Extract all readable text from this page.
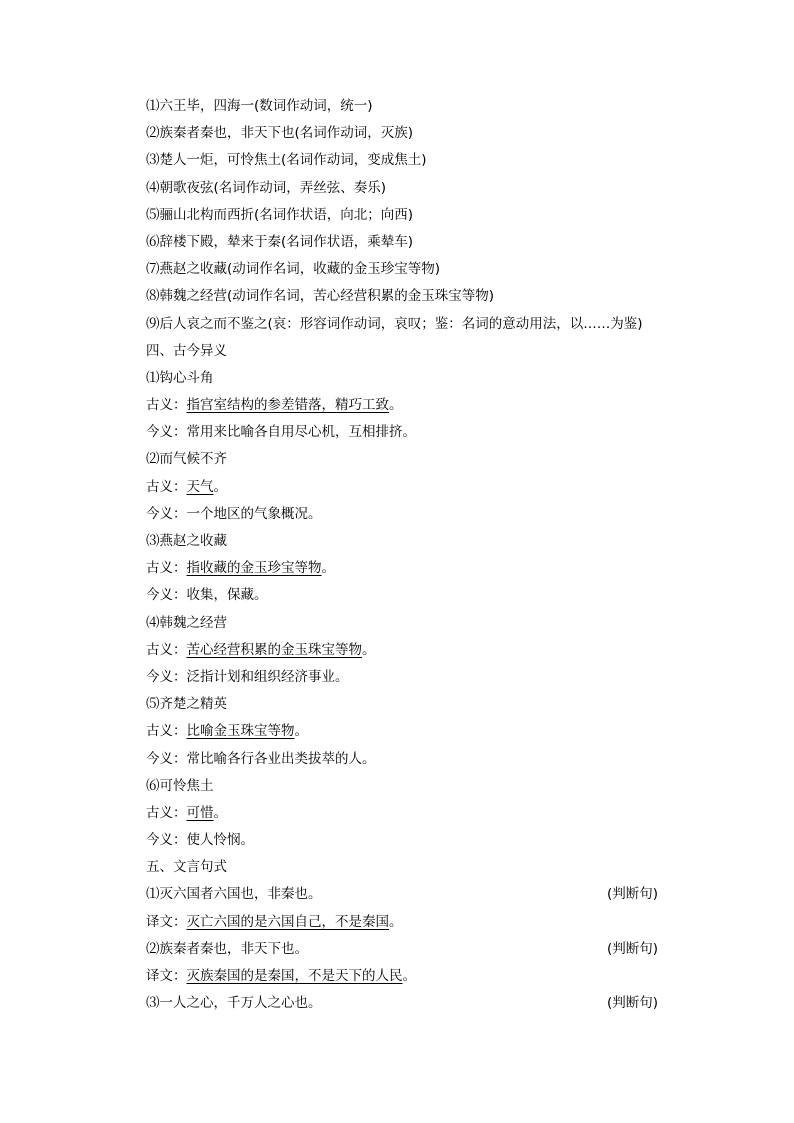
⑴六王毕，四海一(数词作动词，统一)
⑵族秦者秦也，非天下也(名词作动词，灭族)
⑶楚人一炬，可怜焦土(名词作动词，变成焦土)
⑷朝歌夜弦(名词作动词，弄丝弦、奏乐)
⑸骊山北构而西折(名词作状语，向北；向西)
⑹辞楼下殿，辇来于秦(名词作状语，乘辇车)
⑺燕赵之收藏(动词作名词，收藏的金玉珍宝等物)
⑻韩魏之经营(动词作名词，苦心经营积累的金玉珠宝等物)
⑼后人哀之而不鉴之(哀：形容词作动词，哀叹；鉴：名词的意动用法，以……为鉴)
四、古今异义
⑴钩心斗角
古义：指宫室结构的参差错落，精巧工致。
今义：常用来比喻各自用尽心机，互相排挤。
⑵而气候不齐
古义：天气。
今义：一个地区的气象概况。
⑶燕赵之收藏
古义：指收藏的金玉珍宝等物。
今义：收集，保藏。
⑷韩魏之经营
古义：苦心经营积累的金玉珠宝等物。
今义：泛指计划和组织经济事业。
⑸齐楚之精英
古义：比喻金玉珠宝等物。
今义：常比喻各行各业出类拔萃的人。
⑹可怜焦土
古义：可惜。
今义：使人怜悯。
五、文言句式
⑴灭六国者六国也，非秦也。	(判断句)
译文：灭亡六国的是六国自己，不是秦国。
⑵族秦者秦也，非天下也。	(判断句)
译文：灭族秦国的是秦国，不是天下的人民。
⑶一人之心，千万人之心也。	(判断句)
